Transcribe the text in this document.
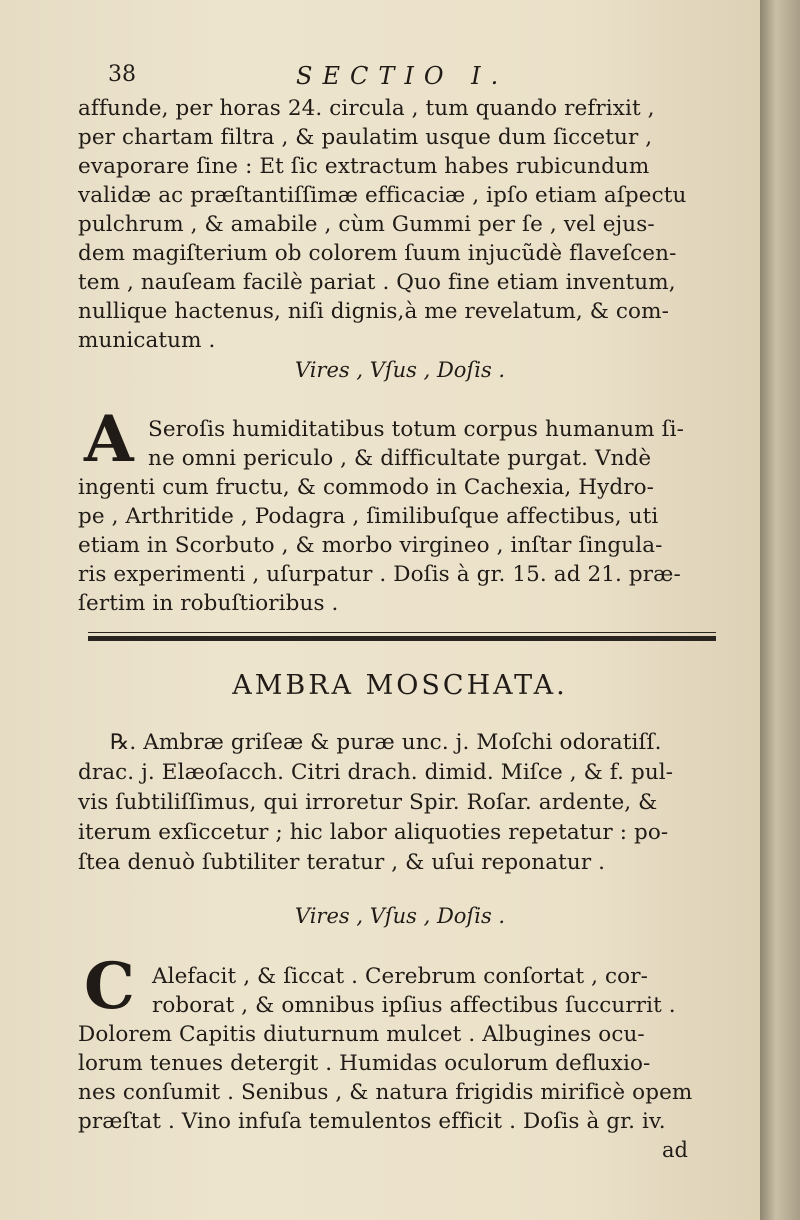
38	SECTIO I.
affunde, per horas 24. circula , tum quando refrixit ,
per chartam filtra , & paulatim usque dum ſiccetur ,
evaporare ſine : Et ſic extractum habes rubicundum
validæ ac præſtantiſſimæ efficaciæ , ipſo etiam aſpectu
pulchrum , & amabile , cùm Gummi per ſe , vel ejus-
dem magiſterium ob colorem ſuum injucũdè flaveſcen-
tem , nauſeam facilè pariat . Quo fine etiam inventum,
nullique hactenus, niſi dignis,à me revelatum, & com-
municatum .
Vires , Vſus , Doſis .
A Seroſis humiditatibus totum corpus humanum ſi-
ne omni periculo , & difficultate purgat. Vndè
ingenti cum fructu, & commodo in Cachexia, Hydro-
pe , Arthritide , Podagra , ſimilibuſque affectibus, uti
etiam in Scorbuto , & morbo virgineo , inſtar ſingula-
ris experimenti , uſurpatur . Doſis à gr. 15. ad 21. præ-
ſertim in robuſtioribus .
AMBRA MOSCHATA.
℞. Ambræ griſeæ & puræ unc. j. Moſchi odoratiſſ.
drac. j. Elæoſacch. Citri drach. dimid. Miſce , & f. pul-
vis ſubtiliſſimus, qui irroretur Spir. Roſar. ardente, &
iterum exſiccetur ; hic labor aliquoties repetatur : po-
ſtea denuò ſubtiliter teratur , & uſui reponatur .
Vires , Vſus , Doſis .
C Alefacit , & ſiccat . Cerebrum conſortat , cor-
roborat , & omnibus ipſius affectibus ſuccurrit .
Dolorem Capitis diuturnum mulcet . Albugines ocu-
lorum tenues detergit . Humidas oculorum defluxio-
nes conſumit . Senibus , & natura frigidis mirificè opem
præſtat . Vino infuſa temulentos efficit . Doſis à gr. iv.
ad
